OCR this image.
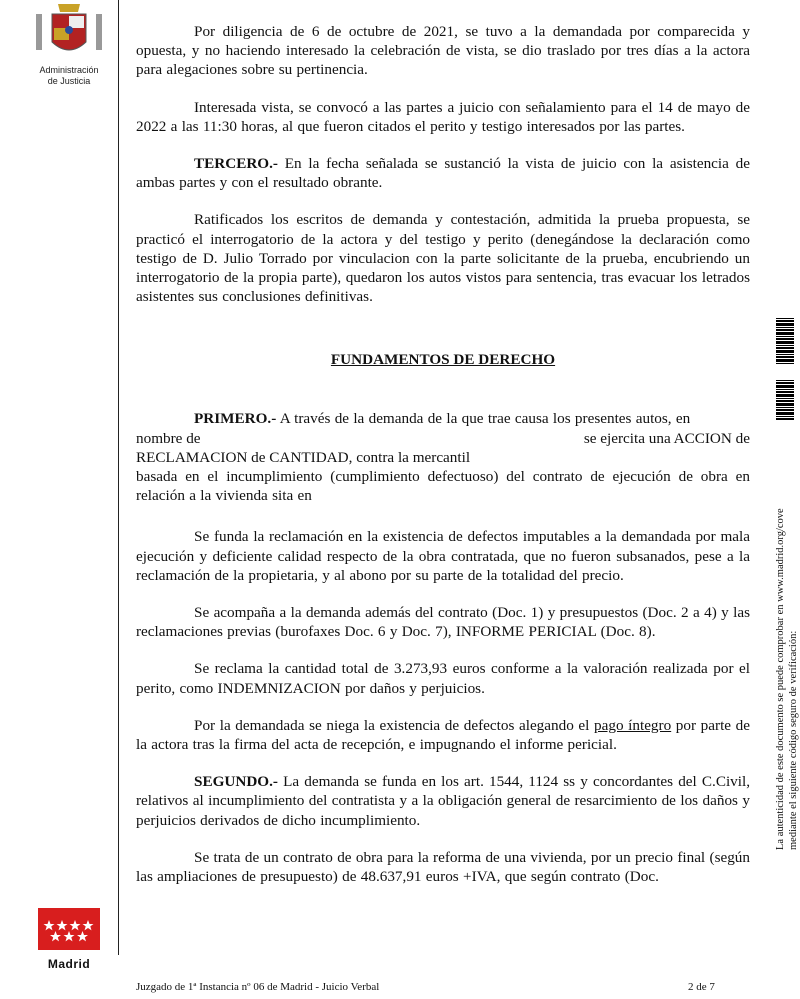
Administración
de Justicia

Por diligencia de 6 de octubre de 2021, se tuvo a la demandada por comparecida y opuesta, y no haciendo interesado la celebración de vista, se dio traslado por tres días a la actora para alegaciones sobre su pertinencia.

Interesada vista, se convocó a las partes a juicio con señalamiento para el 14 de mayo de 2022 a las 11:30 horas, al que fueron citados el perito y testigo interesados por las partes.

TERCERO.- En la fecha señalada se sustanció la vista de juicio con la asistencia de ambas partes y con el resultado obrante.

Ratificados los escritos de demanda y contestación, admitida la prueba propuesta, se practicó el interrogatorio de la actora y del testigo y perito (denegándose la declaración como testigo de D. Julio Torrado por vinculacion con la parte solicitante de la prueba, encubriendo un interrogatorio de la propia parte), quedaron los autos vistos para sentencia, tras evacuar los letrados asistentes sus conclusiones definitivas.

FUNDAMENTOS DE DERECHO

PRIMERO.- A través de la demanda de la que trae causa los presentes autos, en

nombre de	se ejercita una ACCION de
RECLAMACION de CANTIDAD, contra la mercantil

basada en el incumplimiento (cumplimiento defectuoso) del contrato de ejecución de obra en relación a la vivienda sita en

Se funda la reclamación en la existencia de defectos imputables a la demandada por mala ejecución y deficiente calidad respecto de la obra contratada, que no fueron subsanados, pese a la reclamación de la propietaria, y al abono por su parte de la totalidad del precio.

Se acompaña a la demanda además del contrato (Doc. 1) y presupuestos (Doc. 2 a 4) y las reclamaciones previas (burofaxes Doc. 6 y Doc. 7), INFORME PERICIAL (Doc. 8).

Se reclama la cantidad total de 3.273,93 euros conforme a la valoración realizada por el perito, como INDEMNIZACION por daños y perjuicios.

Por la demandada se niega la existencia de defectos alegando el pago íntegro por parte de la actora tras la firma del acta de recepción, e impugnando el informe pericial.

SEGUNDO.- La demanda se funda en los art. 1544, 1124 ss y concordantes del C.Civil, relativos al incumplimiento del contratista y a la obligación general de resarcimiento de los daños y perjuicios derivados de dicho incumplimiento.

Se trata de un contrato de obra para la reforma de una vivienda, por un precio final (según las ampliaciones de presupuesto) de 48.637,91 euros +IVA, que según contrato (Doc.

La autenticidad de este documento se puede comprobar en www.madrid.org/cove mediante el siguiente código seguro de verificación:
Madrid
Juzgado de 1ª Instancia nº 06 de Madrid - Juicio Verbal	2 de 7
